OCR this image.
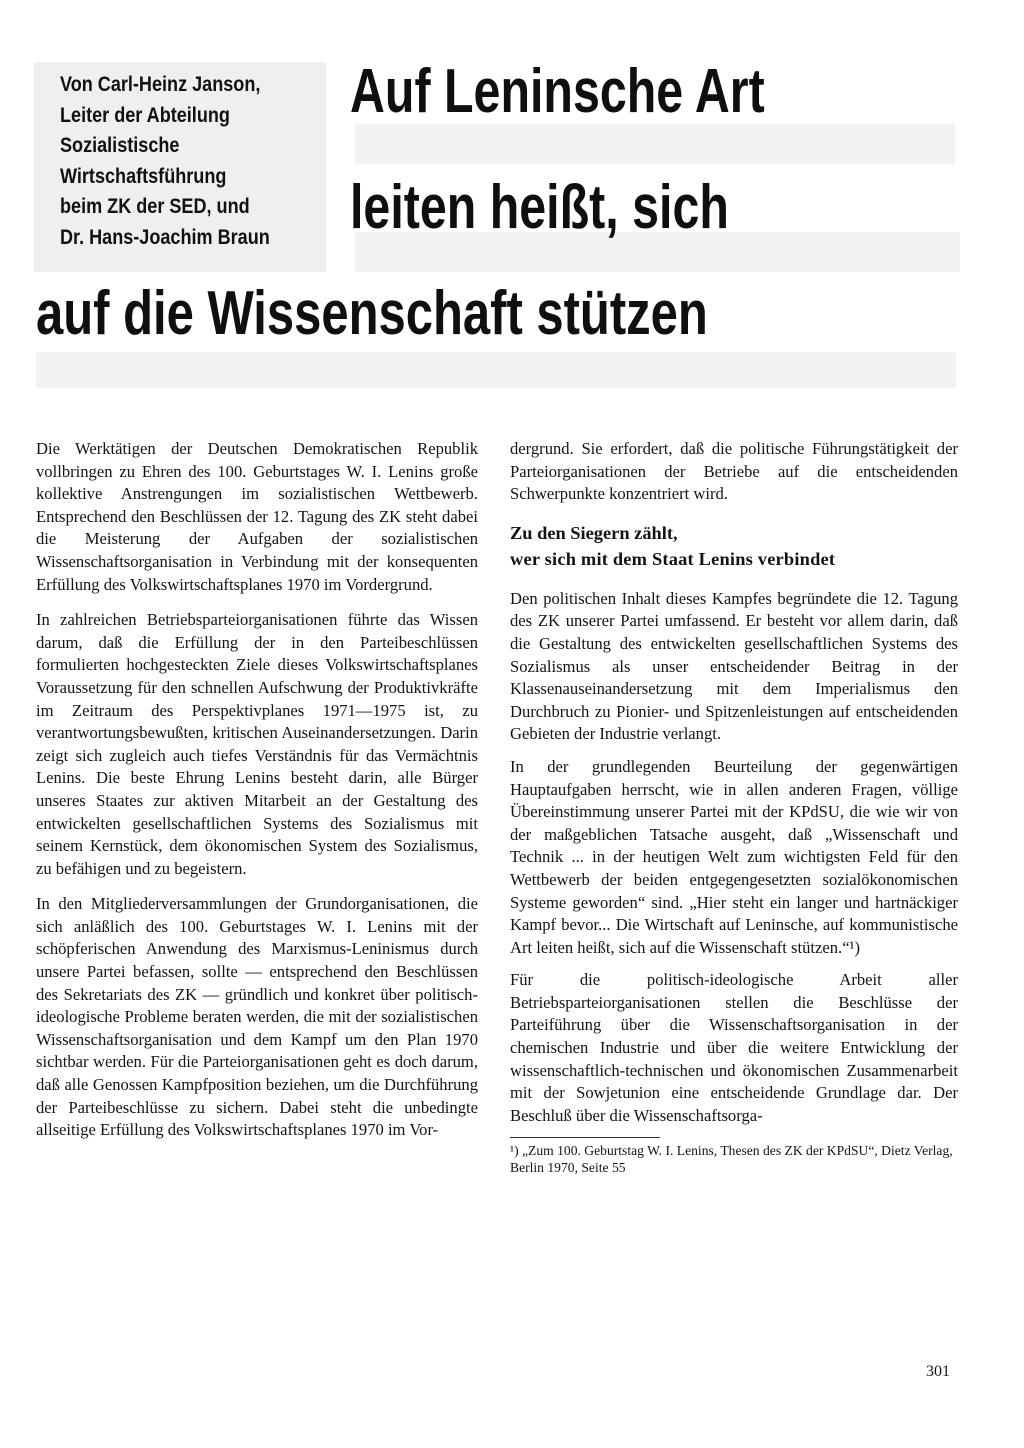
Von Carl-Heinz Janson,
Leiter der Abteilung
Sozialistische
Wirtschaftsführung
beim ZK der SED, und
Dr. Hans-Joachim Braun
Auf Leninsche Art
leiten heißt, sich
auf die Wissenschaft stützen

Die Werktätigen der Deutschen Demokratischen Republik vollbringen zu Ehren des 100. Geburtstages W. I. Lenins große kollektive Anstrengungen im sozialistischen Wettbewerb. Entsprechend den Beschlüssen der 12. Tagung des ZK steht dabei die Meisterung der Aufgaben der sozialistischen Wissenschaftsorganisation in Verbindung mit der konsequenten Erfüllung des Volkswirtschaftsplanes 1970 im Vordergrund.

In zahlreichen Betriebsparteiorganisationen führte das Wissen darum, daß die Erfüllung der in den Parteibeschlüssen formulierten hochgesteckten Ziele dieses Volkswirtschaftsplanes Voraussetzung für den schnellen Aufschwung der Produktivkräfte im Zeitraum des Perspektivplanes 1971—1975 ist, zu verantwortungsbewußten, kritischen Auseinandersetzungen. Darin zeigt sich zugleich auch tiefes Verständnis für das Vermächtnis Lenins. Die beste Ehrung Lenins besteht darin, alle Bürger unseres Staates zur aktiven Mitarbeit an der Gestaltung des entwickelten gesellschaftlichen Systems des Sozialismus mit seinem Kernstück, dem ökonomischen System des Sozialismus, zu befähigen und zu begeistern.

In den Mitgliederversammlungen der Grundorganisationen, die sich anläßlich des 100. Geburtstages W. I. Lenins mit der schöpferischen Anwendung des Marxismus-Leninismus durch unsere Partei befassen, sollte — entsprechend den Beschlüssen des Sekretariats des ZK — gründlich und konkret über politisch-ideologische Probleme beraten werden, die mit der sozialistischen Wissenschaftsorganisation und dem Kampf um den Plan 1970 sichtbar werden. Für die Parteiorganisationen geht es doch darum, daß alle Genossen Kampfposition beziehen, um die Durchführung der Parteibeschlüsse zu sichern. Dabei steht die unbedingte allseitige Erfüllung des Volkswirtschaftsplanes 1970 im Vor-

dergrund. Sie erfordert, daß die politische Führungstätigkeit der Parteiorganisationen der Betriebe auf die entscheidenden Schwerpunkte konzentriert wird.

Zu den Siegern zählt,
wer sich mit dem Staat Lenins verbindet

Den politischen Inhalt dieses Kampfes begründete die 12. Tagung des ZK unserer Partei umfassend. Er besteht vor allem darin, daß die Gestaltung des entwickelten gesellschaftlichen Systems des Sozialismus als unser entscheidender Beitrag in der Klassenauseinandersetzung mit dem Imperialismus den Durchbruch zu Pionier- und Spitzenleistungen auf entscheidenden Gebieten der Industrie verlangt.

In der grundlegenden Beurteilung der gegenwärtigen Hauptaufgaben herrscht, wie in allen anderen Fragen, völlige Übereinstimmung unserer Partei mit der KPdSU, die wie wir von der maßgeblichen Tatsache ausgeht, daß „Wissenschaft und Technik ... in der heutigen Welt zum wichtigsten Feld für den Wettbewerb der beiden entgegengesetzten sozialökonomischen Systeme geworden“ sind. „Hier steht ein langer und hartnäckiger Kampf bevor... Die Wirtschaft auf Leninsche, auf kommunistische Art leiten heißt, sich auf die Wissenschaft stützen.“¹)

Für die politisch-ideologische Arbeit aller Betriebsparteiorganisationen stellen die Beschlüsse der Parteiführung über die Wissenschaftsorganisation in der chemischen Industrie und über die weitere Entwicklung der wissenschaftlich-technischen und ökonomischen Zusammenarbeit mit der Sowjetunion eine entscheidende Grundlage dar. Der Beschluß über die Wissenschaftsorga-

¹) „Zum 100. Geburtstag W. I. Lenins, Thesen des ZK der KPdSU“, Dietz Verlag, Berlin 1970, Seite 55
301
